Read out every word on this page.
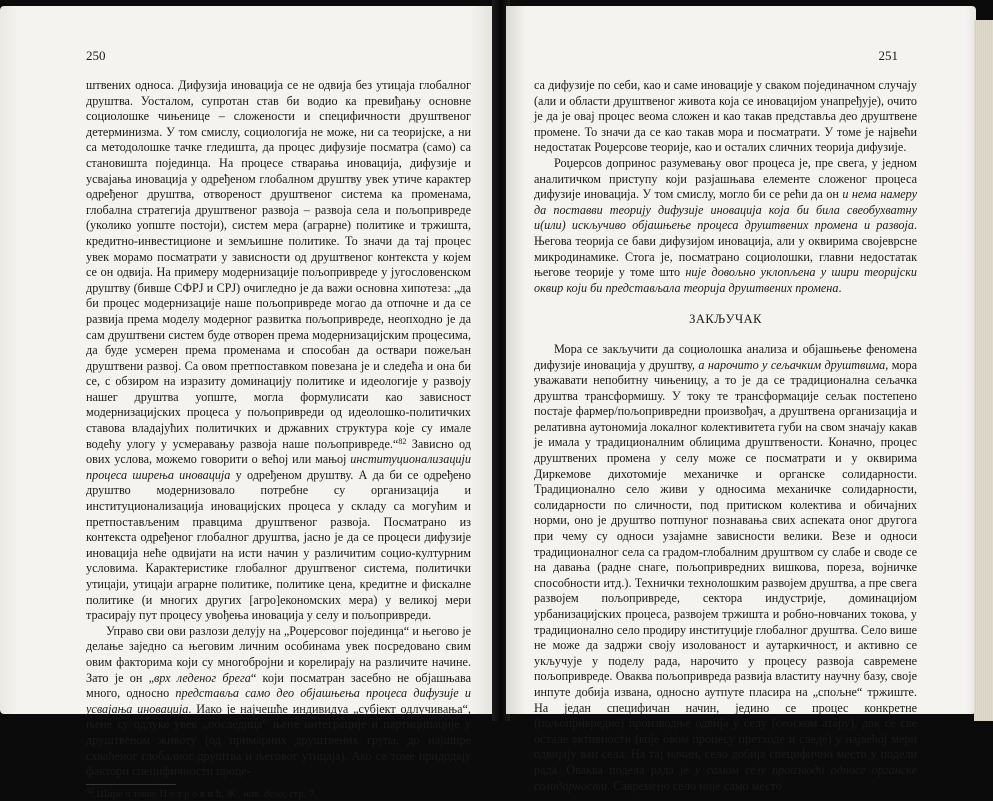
250

штвених односа. Дифузија иновација се не одвија без утицаја глобалног друштва. Уосталом, супротан став би водио ка превиђању основне социолошке чињенице – сложености и специфичности друштвеног детерминизма. У том смислу, социологија не може, ни са теоријске, а ни са методолошке тачке гледишта, да процес дифузије посматра (само) са становишта појединца. На процесе стварања иновација, дифузије и усвајања иновација у одређеном глобалном друштву увек утиче карактер одређеног друштва, отвореност друштвеног система ка променама, глобална стратегија друштвеног развоја – развоја села и пољопривреде (уколико уопште постоји), систем мера (аграрне) политике и тржишта, кредитно-инвестиционе и земљишне политике. То значи да тај процес увек морамо посматрати у зависности од друштвеног контекста у којем се он одвија. На примеру модернизације пољопривреде у југословенском друштву (бивше СФРЈ и СРЈ) очигледно је да важи основна хипотеза: „да би процес модернизације наше пољопривреде могао да отпочне и да се развија према моделу модерног развитка пољопривреде, неопходно је да сам друштвени систем буде отворен према модернизацијским процесима, да буде усмерен према променама и способан да оствари пожељан друштвени развој. Са овом претпоставком повезана је и следећа и она би се, с обзиром на изразиту доминацију политике и идеологије у развоју нашег друштва уопште, могла формулисати као зависност модернизацијских процеса у пољопривреди од идеолошко-политичких ставова владајућих политичких и државних структура које су имале водећу улогу у усмеравању развоја наше пољопривреде.“$^{82}$ Зависно од ових услова, можемо говорити о већој или мањој институционализацији процеса ширења иновација у одређеном друштву. А да би се одређено друштво модернизовало потребне су организација и институционализација иновацијских процеса у складу са могућим и претпостављеним правцима друштвеног развоја. Посматрано из контекста одређеног глобалног друштва, јасно је да се процеси дифузије иновација неће одвијати на исти начин у различитим социо-културним условима. Карактеристике глобалног друштвеног система, политички утицаји, утицаји аграрне политике, политике цена, кредитне и фискалне политике (и многих других [агро]економских мера) у великој мери трасирају пут процесу увођења иновација у селу и пољопривреди.

Управо сви ови разлози делују на „Роџерсовог појединца“ и његово је делање заједно са његовим личним особинама увек посредовано свим овим факторима који су многобројни и корелирају на различите начине. Зато је он „врх леденог брега“ који посматран засебно не објашњава много, односно представља само део објашњења процеса дифузије и усвајања иновација. Иако је најчешће индивидуа „субјект одлучивања“, њене су одлуке увек „последица“ њене интеграције и партиципације у друштвеном животу (од примарних друштвених група, до најшире схваћеног глобалног друштва и његовог утицаја). Ако се томе придодају фактори специфичности проце-

$^{82}$ Шире о томе: П е т р о в и ћ, Ж., нав. дело, стр. 7.
251

са дифузије по себи, као и саме иновације у сваком појединачном случају (али и области друштвеног живота која се иновацијом унапређује), очито је да је овај процес веома сложен и као такав представља део друштвене промене. То значи да се као такав мора и посматрати. У томе је највећи недостатак Роџерсове теорије, као и осталих сличних теорија дифузије.

Роџерсов допринос разумевању овог процеса је, пре свега, у једном аналитичком приступу који разјашњава елементе сложеног процеса дифузије иновација. У том смислу, могло би се рећи да он и нема намеру да поставви теорију дифузије иновација која би била свеобухватну и(или) искључиво објашњење процеса друштвених промена и развоја. Његова теорија се бави дифузијом иновација, али у оквирима својеврсне микродинамике. Стога је, посматрано социолошки, главни недостатак његове теорије у томе што није довољно уклопљена у шири теоријски оквир који би представљала теорија друштвених промена.

ЗАКЉУЧАК

Мора се закључити да социолошка анализа и објашњење феномена дифузије иновација у друштву, а нарочито у сељачким друштвима, мора уважавати непобитну чињеницу, а то је да се традиционална сељачка друштва трансформишу. У току те трансформације сељак постепено постаје фармер/пољопривредни произвођач, а друштвена организација и релативна аутономија локалног колективитета губи на свом значају какав је имала у традиционалним облицима друштвености. Коначно, процес друштвених промена у селу може се посматрати и у оквирима Диркемове дихотомије механичке и органске солидарности. Традиционално село живи у односима механичке солидарности, солидарности по сличности, под притиском колектива и обичајних норми, оно је друштво потпуног познавања свих аспеката оног другога при чему су односи узајамне зависности велики. Везе и односи традиционалног села са градом-глобалним друштвом су слабе и своде се на давања (радне снаге, пољопривредних вишкова, пореза, војничке способности итд.). Технички технолошким развојем друштва, а пре свега развојем пољопривреде, сектора индустрије, доминацијом урбанизацијских процеса, развојем тржишта и робно-новчаних токова, у традиционално село продиру институције глобалног друштва. Село више не може да задржи своју изолованост и аутаркичност, и активно се укључује у поделу рада, нарочито у процесу развоја савремене пољопривреде. Оваква пољопривреда развија властиту научну базу, своје инпуте добија извана, односно аутпуте пласира на „спољне“ тржиште. На један специфичан начин, једино се процес конкретне (пољопривредне) производње одвија у селу (сеоском атару), док се све остале активности (које овом процесу претходе и следе) у највећој мери одвијају ван села. На тај начин, село добија специфично место у подели рада. Оваква подела рада је у самом селу производи односе органске солидарности. Савремено село није само место
